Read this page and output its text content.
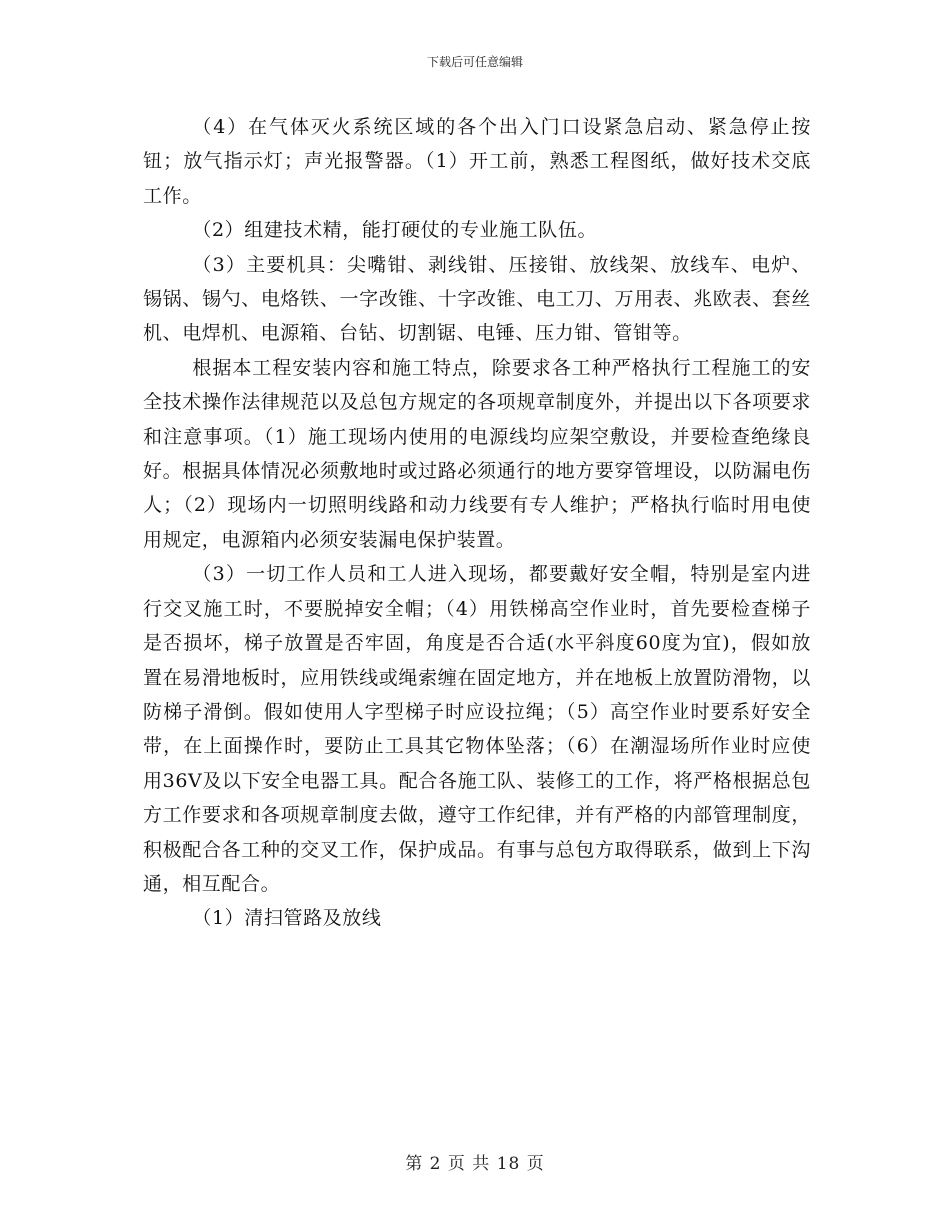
下载后可任意编辑

（4）在气体灭火系统区域的各个出入门口设紧急启动、紧急停止按钮；放气指示灯；声光报警器。（1）开工前，熟悉工程图纸，做好技术交底工作。

（2）组建技术精，能打硬仗的专业施工队伍。

（3）主要机具：尖嘴钳、剥线钳、压接钳、放线架、放线车、电炉、锡锅、锡勺、电烙铁、一字改锥、十字改锥、电工刀、万用表、兆欧表、套丝机、电焊机、电源箱、台钻、切割锯、电锤、压力钳、管钳等。

根据本工程安装内容和施工特点，除要求各工种严格执行工程施工的安全技术操作法律规范以及总包方规定的各项规章制度外，并提出以下各项要求和注意事项。（1）施工现场内使用的电源线均应架空敷设，并要检查绝缘良好。根据具体情况必须敷地时或过路必须通行的地方要穿管埋设，以防漏电伤人；（2）现场内一切照明线路和动力线要有专人维护；严格执行临时用电使用规定，电源箱内必须安装漏电保护装置。

（3）一切工作人员和工人进入现场，都要戴好安全帽，特别是室内进行交叉施工时，不要脱掉安全帽；（4）用铁梯高空作业时，首先要检查梯子是否损坏，梯子放置是否牢固，角度是否合适(水平斜度60度为宜)，假如放置在易滑地板时，应用铁线或绳索缠在固定地方，并在地板上放置防滑物，以防梯子滑倒。假如使用人字型梯子时应设拉绳；（5）高空作业时要系好安全带，在上面操作时，要防止工具其它物体坠落；（6）在潮湿场所作业时应使用36V及以下安全电器工具。配合各施工队、装修工的工作，将严格根据总包方工作要求和各项规章制度去做，遵守工作纪律，并有严格的内部管理制度，积极配合各工种的交叉工作，保护成品。有事与总包方取得联系，做到上下沟通，相互配合。

（1）清扫管路及放线

第 2 页 共 18 页
